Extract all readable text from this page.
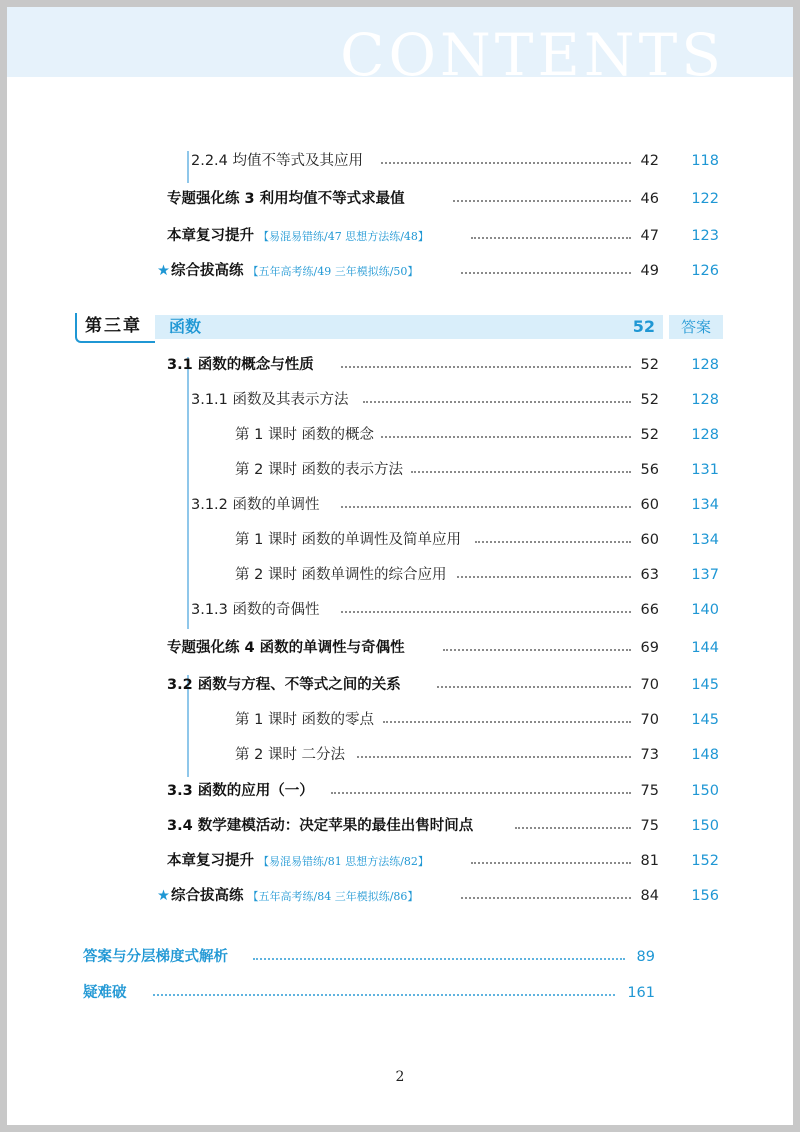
CONTENTS
2.2.4 均值不等式及其应用	42	118
专题强化练 3 利用均值不等式求最值	46	122
本章复习提升 【易混易错练/47 思想方法练/48】	47	123
★综合拔高练 【五年高考练/49 三年模拟练/50】	49	126
第三章 函数	52	答案
3.1 函数的概念与性质	52	128
3.1.1 函数及其表示方法	52	128
第 1 课时 函数的概念	52	128
第 2 课时 函数的表示方法	56	131
3.1.2 函数的单调性	60	134
第 1 课时 函数的单调性及简单应用	60	134
第 2 课时 函数单调性的综合应用	63	137
3.1.3 函数的奇偶性	66	140
专题强化练 4 函数的单调性与奇偶性	69	144
3.2 函数与方程、不等式之间的关系	70	145
第 1 课时 函数的零点	70	145
第 2 课时 二分法	73	148
3.3 函数的应用（一）	75	150
3.4 数学建模活动：决定苹果的最佳出售时间点	75	150
本章复习提升 【易混易错练/81 思想方法练/82】	81	152
★综合拔高练 【五年高考练/84 三年模拟练/86】	84	156
答案与分层梯度式解析	89
疑难破	161
2
